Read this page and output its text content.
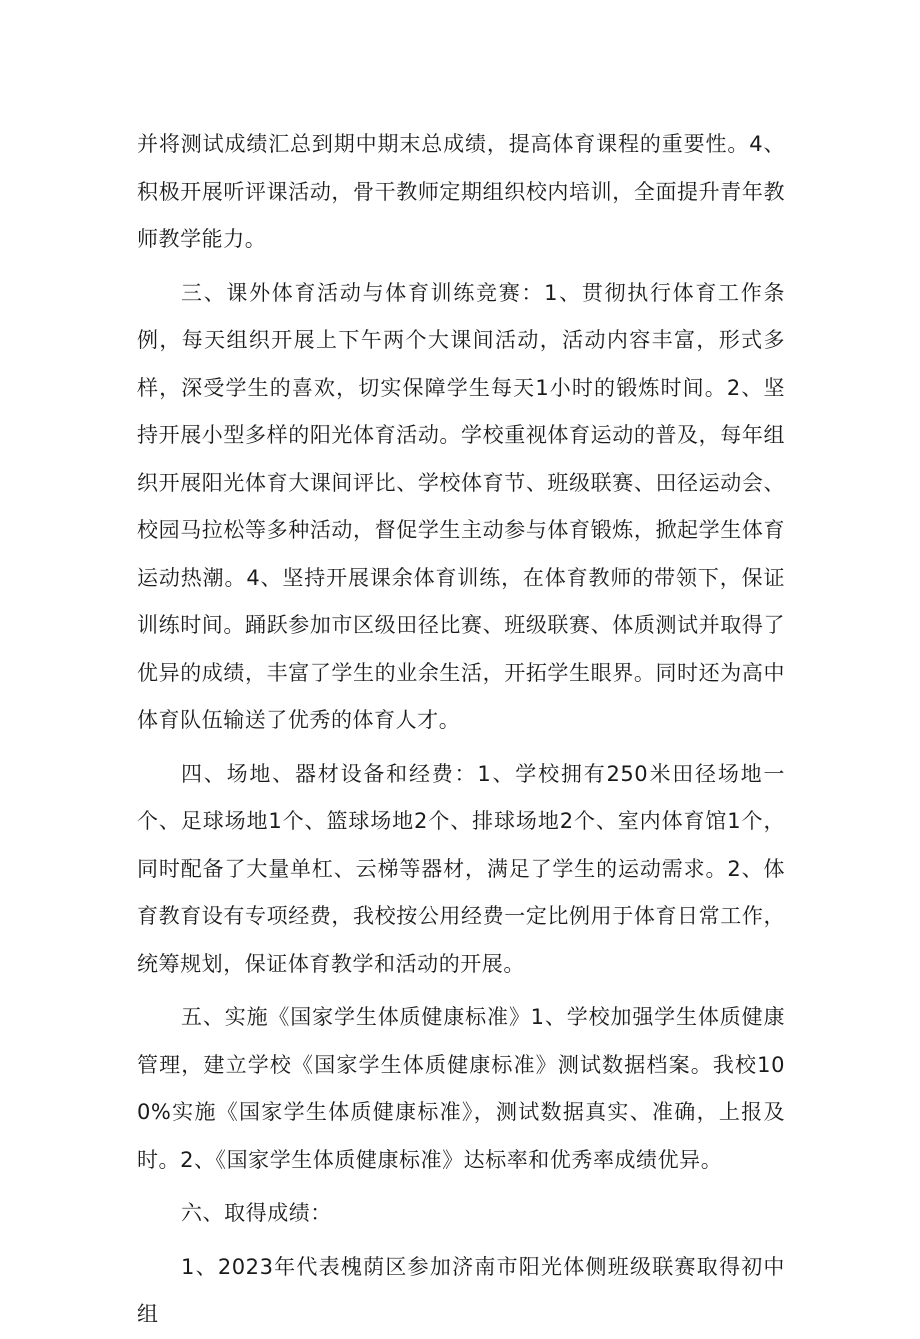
并将测试成绩汇总到期中期末总成绩，提高体育课程的重要性。4、积极开展听评课活动，骨干教师定期组织校内培训，全面提升青年教师教学能力。

三、课外体育活动与体育训练竞赛：1、贯彻执行体育工作条例，每天组织开展上下午两个大课间活动，活动内容丰富，形式多样，深受学生的喜欢，切实保障学生每天1小时的锻炼时间。2、坚持开展小型多样的阳光体育活动。学校重视体育运动的普及，每年组织开展阳光体育大课间评比、学校体育节、班级联赛、田径运动会、校园马拉松等多种活动，督促学生主动参与体育锻炼，掀起学生体育运动热潮。4、坚持开展课余体育训练，在体育教师的带领下，保证训练时间。踊跃参加市区级田径比赛、班级联赛、体质测试并取得了优异的成绩，丰富了学生的业余生活，开拓学生眼界。同时还为高中体育队伍输送了优秀的体育人才。

四、场地、器材设备和经费：1、学校拥有250米田径场地一个、足球场地1个、篮球场地2个、排球场地2个、室内体育馆1个，同时配备了大量单杠、云梯等器材，满足了学生的运动需求。2、体育教育设有专项经费，我校按公用经费一定比例用于体育日常工作，统筹规划，保证体育教学和活动的开展。

五、实施《国家学生体质健康标准》1、学校加强学生体质健康管理，建立学校《国家学生体质健康标准》测试数据档案。我校100%实施《国家学生体质健康标准》，测试数据真实、准确，上报及时。2、《国家学生体质健康标准》达标率和优秀率成绩优异。

六、取得成绩：

1、2023年代表槐荫区参加济南市阳光体侧班级联赛取得初中组
